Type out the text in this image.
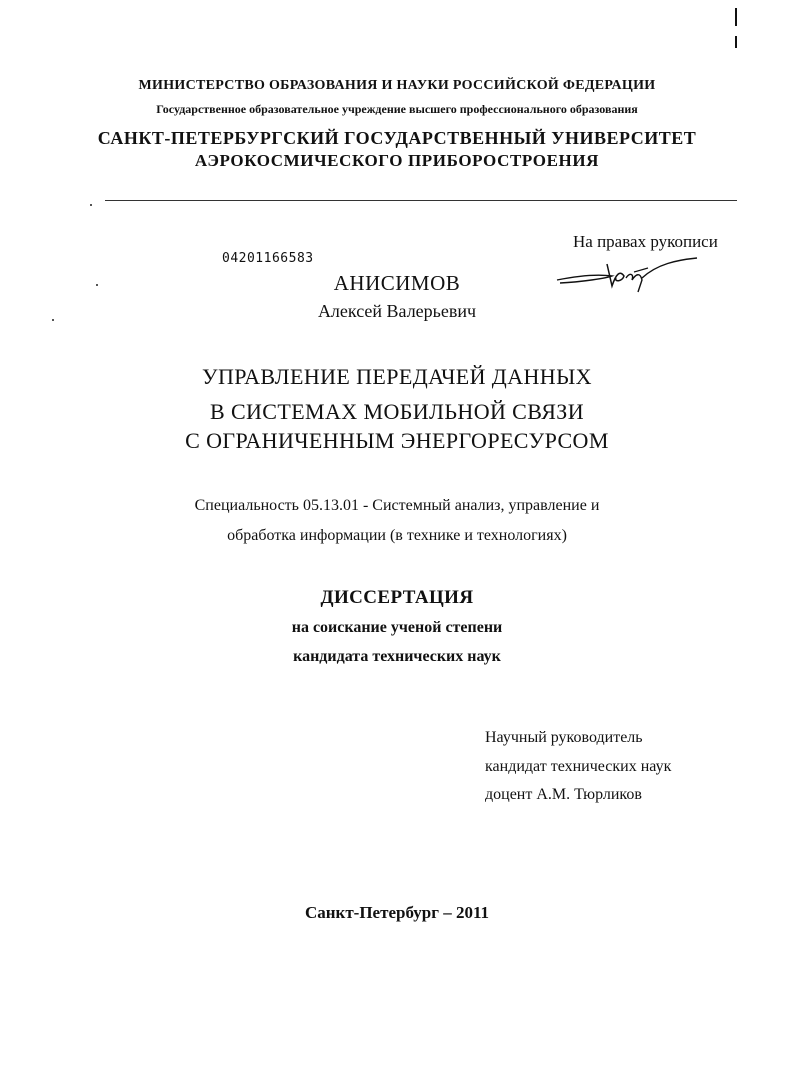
МИНИСТЕРСТВО ОБРАЗОВАНИЯ И НАУКИ РОССИЙСКОЙ ФЕДЕРАЦИИ
Государственное образовательное учреждение высшего профессионального образования
САНКТ-ПЕТЕРБУРГСКИЙ ГОСУДАРСТВЕННЫЙ УНИВЕРСИТЕТ
АЭРОКОСМИЧЕСКОГО ПРИБОРОСТРОЕНИЯ
04201166583
На правах рукописи
АНИСИМОВ
Алексей Валерьевич
УПРАВЛЕНИЕ ПЕРЕДАЧЕЙ ДАННЫХ
В СИСТЕМАХ МОБИЛЬНОЙ СВЯЗИ
С ОГРАНИЧЕННЫМ ЭНЕРГОРЕСУРСОМ
Специальность 05.13.01 - Системный анализ, управление и
обработка информации (в технике и технологиях)
ДИССЕРТАЦИЯ
на соискание ученой степени
кандидата технических наук
Научный руководитель
кандидат технических наук
доцент А.М. Тюрликов
Санкт-Петербург – 2011
